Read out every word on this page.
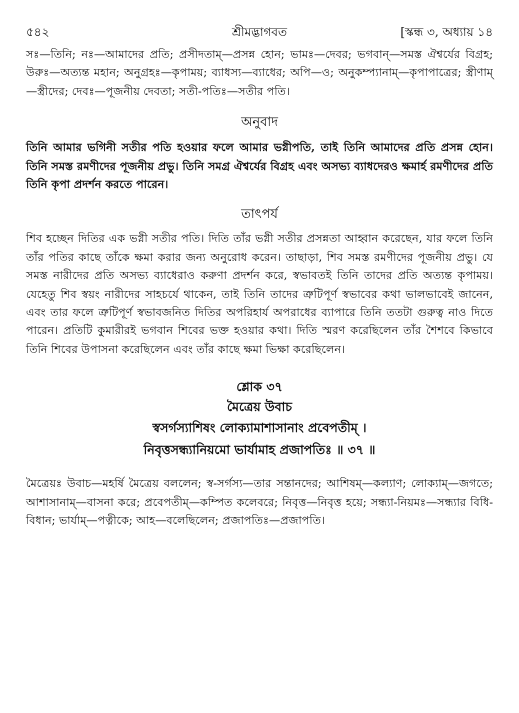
৫৪২	শ্রীমদ্ভাগবত	[স্কন্ধ ৩, অধ্যায় ১৪

সঃ—তিনি; নঃ—আমাদের প্রতি; প্রসীদতাম্—প্রসন্ন হোন; ভামঃ—দেবর; ভগবান্—সমস্ত ঐশ্বর্যের বিগ্রহ; উরুঃ—অত্যন্ত মহান; অনুগ্রহঃ—কৃপাময়; ব্যাধস্য—ব্যাধের; অপি—ও; অনুকম্প্যানাম্—কৃপাপাত্রের; স্ত্রীণাম্—স্ত্রীদের; দেবঃ—পূজনীয় দেবতা; সতী-পতিঃ—সতীর পতি।

অনুবাদ

তিনি আমার ভগিনী সতীর পতি হওয়ার ফলে আমার ভগ্নীপতি, তাই তিনি আমাদের প্রতি প্রসন্ন হোন। তিনি সমস্ত রমণীদের পূজনীয় প্রভু। তিনি সমগ্র ঐশ্বর্যের বিগ্রহ এবং অসভ্য ব্যাধদেরও ক্ষমার্হ রমণীদের প্রতি তিনি কৃপা প্রদর্শন করতে পারেন।

তাৎপর্য

শিব হচ্ছেন দিতির এক ভগ্নী সতীর পতি। দিতি তাঁর ভগ্নী সতীর প্রসন্নতা আহ্বান করেছেন, যার ফলে তিনি তাঁর পতির কাছে তাঁকে ক্ষমা করার জন্য অনুরোধ করেন। তাছাড়া, শিব সমস্ত রমণীদের পূজনীয় প্রভু। যে সমস্ত নারীদের প্রতি অসভ্য ব্যাধেরাও করুণা প্রদর্শন করে, স্বভাবতই তিনি তাদের প্রতি অত্যন্ত কৃপাময়। যেহেতু শিব স্বয়ং নারীদের সাহচর্যে থাকেন, তাই তিনি তাদের ত্রুটিপূর্ণ স্বভাবের কথা ভালভাবেই জানেন, এবং তার ফলে ত্রুটিপূর্ণ স্বভাবজনিত দিতির অপরিহার্য অপরাধের ব্যাপারে তিনি ততটা গুরুত্ব নাও দিতে পারেন। প্রতিটি কুমারীরই ভগবান শিবের ভক্ত হওয়ার কথা। দিতি স্মরণ করেছিলেন তাঁর শৈশবে কিভাবে তিনি শিবের উপাসনা করেছিলেন এবং তাঁর কাছে ক্ষমা ভিক্ষা করেছিলেন।

শ্লোক ৩৭
মৈত্রেয় উবাচ
স্বসর্গস্যাশিষং লোক্যামাশাসানাং প্রবেপতীম্ ।
নিবৃত্তসন্ধ্যানিয়মো ভার্যামাহ প্রজাপতিঃ ॥ ৩৭ ॥

মৈত্রেয়ঃ উবাচ—মহর্ষি মৈত্রেয় বললেন; স্ব-সর্গস্য—তার সন্তানদের; আশিষম্—কল্যাণ; লোক্যাম্—জগতে; আশাসানাম্—বাসনা করে; প্রবেপতীম্—কম্পিত কলেবরে; নিবৃত্ত—নিবৃত্ত হয়ে; সন্ধ্যা-নিয়মঃ—সন্ধ্যার বিধি-বিধান; ভার্যাম্—পত্নীকে; আহ—বলেছিলেন; প্রজাপতিঃ—প্রজাপতি।
